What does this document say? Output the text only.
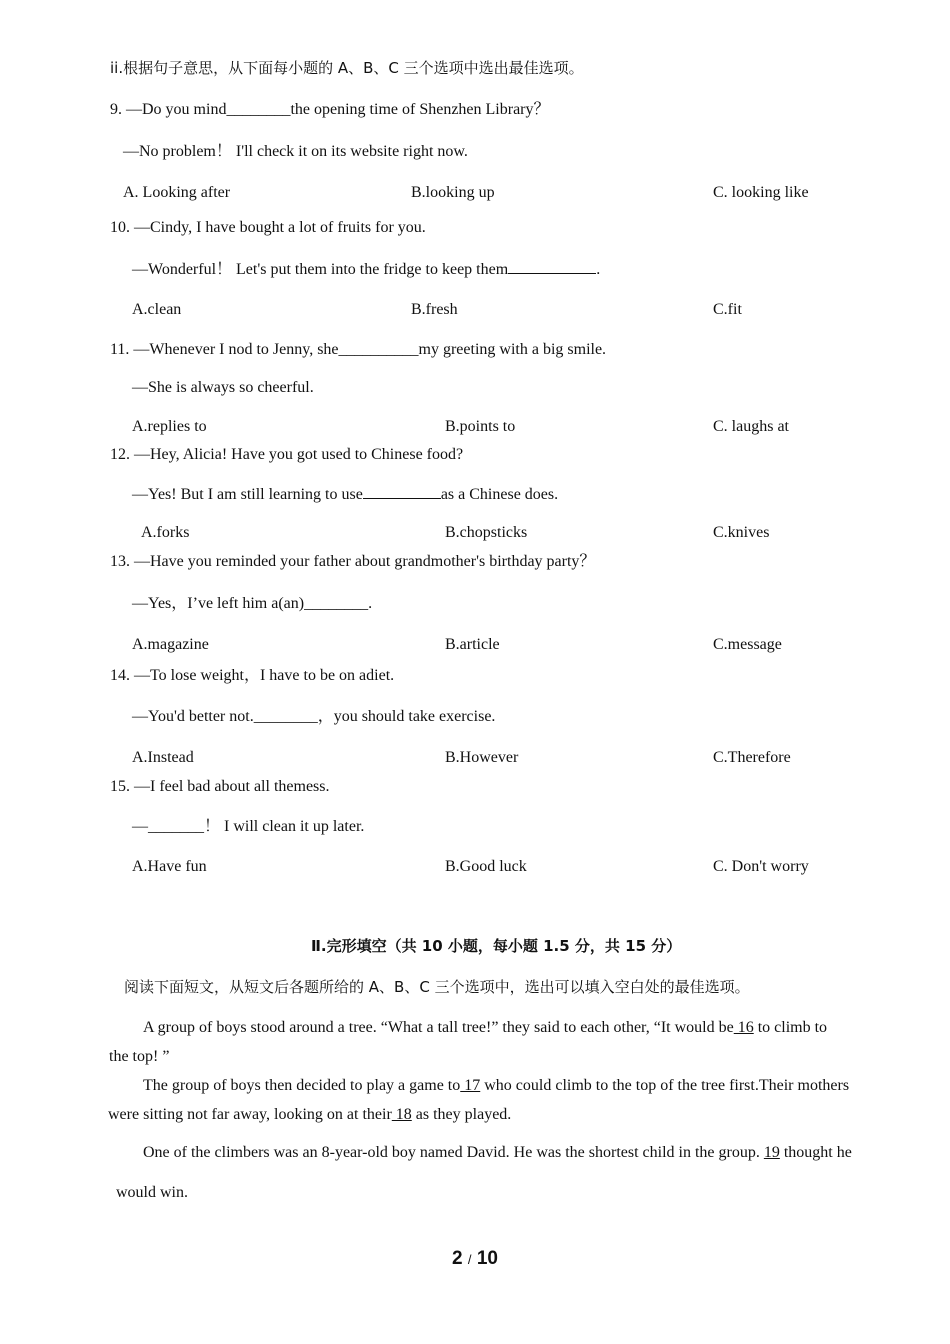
ii.根据句子意思，从下面每小题的 A、B、C 三个选项中选出最佳选项。
9. —Do you mind________the opening time of Shenzhen Library？
—No problem！ I'll check it on its website right now.
A. Looking after	B.looking up	C. looking like
10. —Cindy, I have bought a lot of fruits for you.
—Wonderful！ Let's put them into the fridge to keep them	.
A.clean	B.fresh	C.fit
11. —Whenever I nod to Jenny, she__________my greeting with a big smile.
—She is always so cheerful.
A.replies to	B.points to	C. laughs at
12. —Hey, Alicia! Have you got used to Chinese food?
—Yes! But I am still learning to use	as a Chinese does.
A.forks	B.chopsticks	C.knives
13. —Have you reminded your father about grandmother's birthday party？
—Yes，I’ve left him a(an)________.
A.magazine	B.article	C.message
14. —To lose weight，I have to be on adiet.
—You'd better not.________，you should take exercise.
A.Instead	B.However	C.Therefore
15. —I feel bad about all themess.
—_______！ I will clean it up later.
A.Have fun	B.Good luck	C. Don't worry
Ⅱ.完形填空（共 10 小题，每小题 1.5 分，共 15 分）
阅读下面短文，从短文后各题所给的 A、B、C 三个选项中，选出可以填入空白处的最佳选项。
A group of boys stood around a tree. “What a tall tree!” they said to each other, “It would be 16 to climb to
the top! ”
The group of boys then decided to play a game to 17 who could climb to the top of the tree first.Their mothers
were sitting not far away, looking on at their 18 as they played.
One of the climbers was an 8-year-old boy named David. He was the shortest child in the group. 19 thought he
would win.
2 / 10
